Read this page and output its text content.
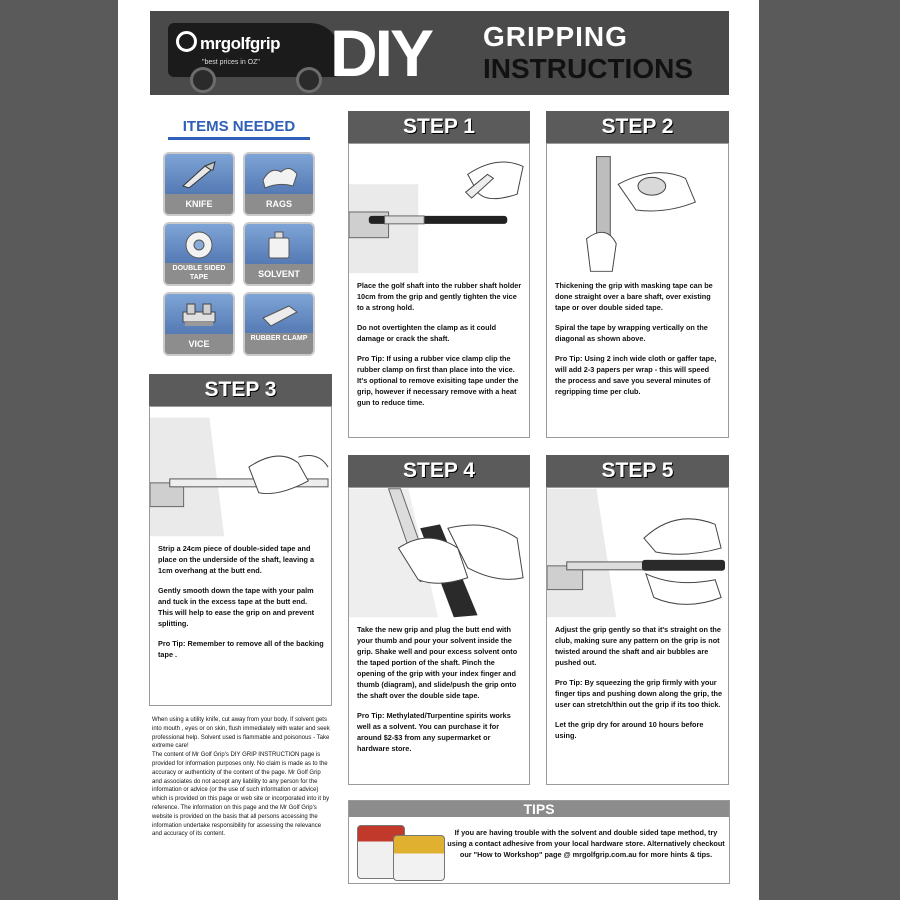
mrgolfgrip
"best prices in OZ" DIY GRIPPING
INSTRUCTIONS
ITEMS NEEDED
KNIFE	RAGS
DOUBLE SIDED TAPE	SOLVENT
VICE
RUBBER CLAMP
STEP 1

Place the golf shaft into the rubber shaft holder 10cm from the grip and gently tighten the vice to a strong hold.

Do not overtighten the clamp as it could damage or crack the shaft.

Pro Tip: If using a rubber vice clamp clip the rubber clamp on first than place into the vice.
It's optional to remove exisiting tape under the grip, however if necessary remove with a heat gun to reduce time.

STEP 2

Thickening the grip with masking tape can be done straight over a bare shaft, over existing tape or over double sided tape.

Spiral the tape by wrapping vertically on the diagonal as shown above.

Pro Tip: Using 2 inch wide cloth or gaffer tape, will add 2-3 papers per wrap - this will speed the process and save you several minutes of regripping time per club.

STEP 3

Strip a 24cm piece of double-sided tape and place on the underside of the shaft, leaving a 1cm overhang at the butt end.

Gently smooth down the tape with your palm and tuck in the excess tape at the butt end.
This will help to ease the grip on and prevent splitting.

Pro Tip: Remember to remove all of the backing tape .

STEP 4

Take the new grip and plug the butt end with your thumb and pour your solvent inside the grip. Shake well and pour excess solvent onto the taped portion of the shaft. Pinch the opening of the grip with your index finger and thumb (diagram), and slide/push the grip onto the shaft over the double side tape.

Pro Tip: Methylated/Turpentine spirits works well as a solvent. You can purchase it for around $2-$3 from any supermarket or hardware store.

STEP 5

Adjust the grip gently so that it's straight on the club, making sure any pattern on the grip is not twisted around the shaft and air bubbles are pushed out.

Pro Tip: By squeezing the grip firmly with your finger tips and pushing down along the grip, the user can stretch/thin out the grip if its too thick.

Let the grip dry for around 10 hours before using.

When using a utility knife, cut away from your body. If solvent gets into mouth , eyes or on skin, flush immediately with water and seek professional help. Solvent used is flammable and poisonous - Take extreme care!

The content of Mr Golf Grip's DIY GRIP INSTRUCTION page is provided for information purposes only. No claim is made as to the accuracy or authenticity of the content of the page. Mr Golf Grip and associates do not accept any liability to any person for the information or advice (or the use of such information or advice) which is provided on this page or web site or incorporated into it by reference. The information on this page and the Mr Golf Grip's website is provided on the basis that all persons accessing the information undertake responsibility for assessing the relevance and accuracy of its content.

TIPS
If you are having trouble with the solvent and double sided tape method, try using a contact adhesive from your local hardware store. Alternatively checkout our "How to Workshop" page @ mrgolfgrip.com.au for more hints & tips.
